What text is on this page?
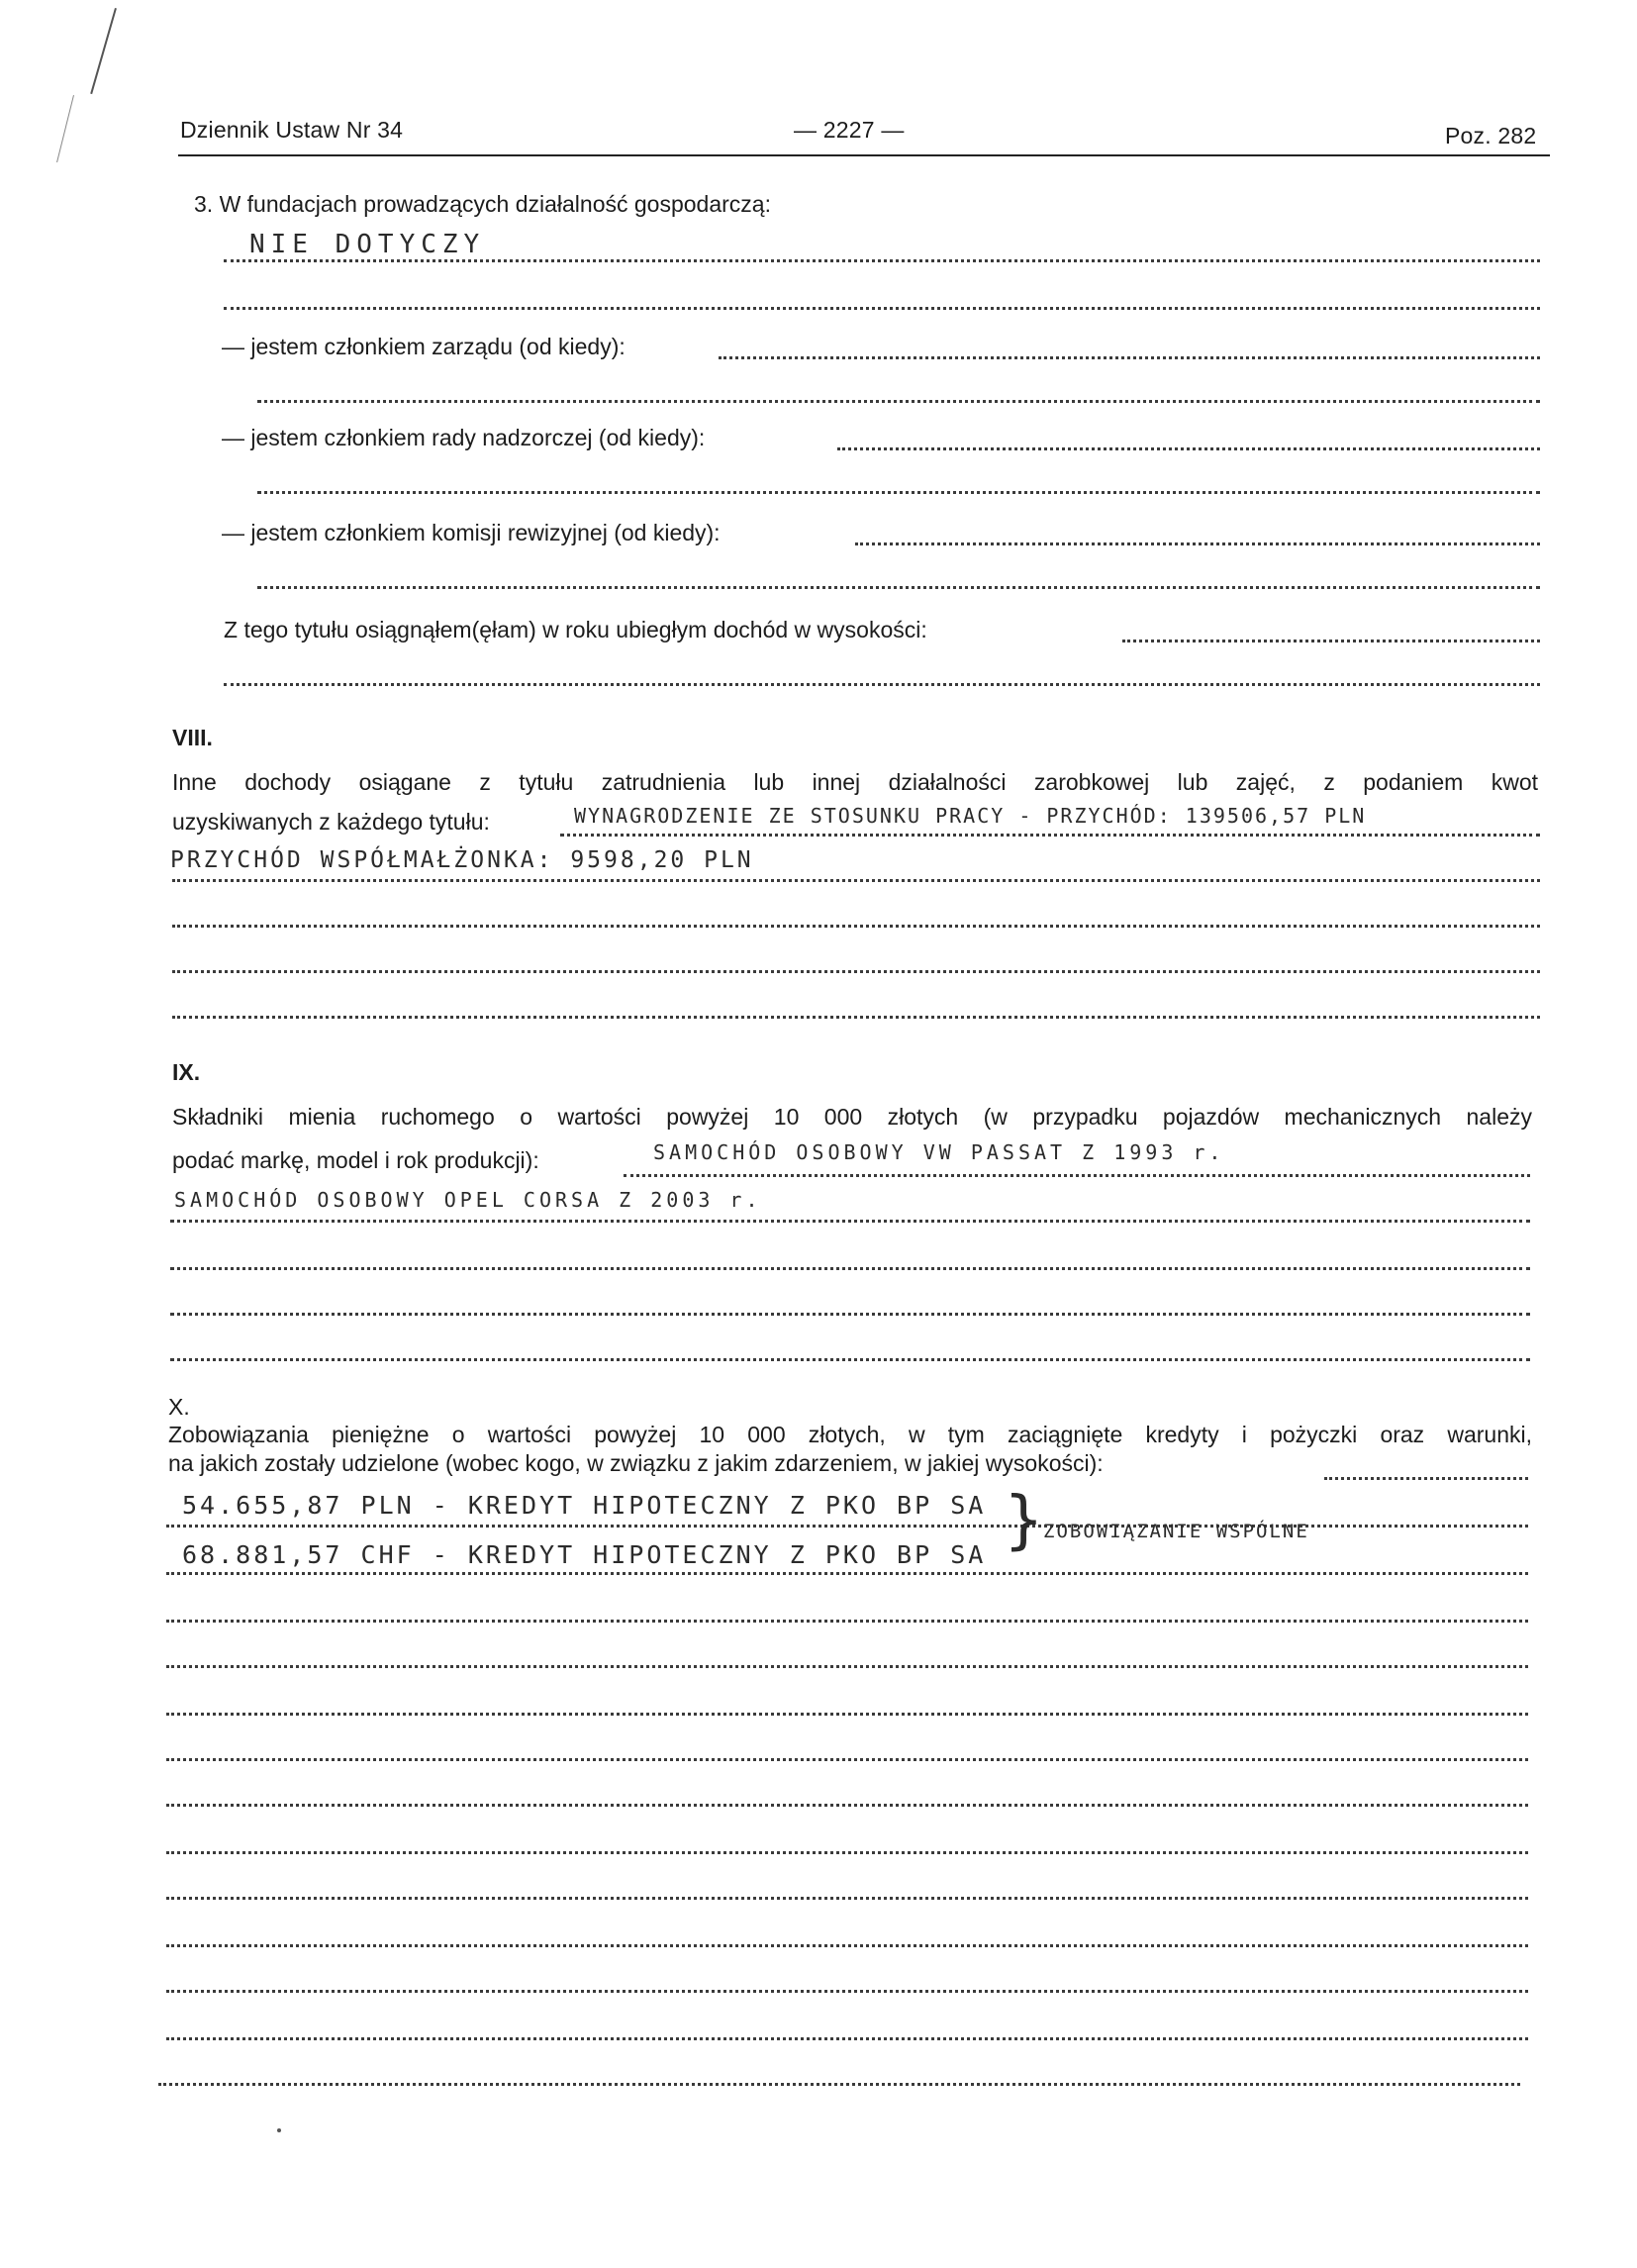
Dziennik Ustaw Nr 34	— 2227 —	Poz. 282
3. W fundacjach prowadzących działalność gospodarczą:
NIE DOTYCZY
— jestem członkiem zarządu (od kiedy):
— jestem członkiem rady nadzorczej (od kiedy):
— jestem członkiem komisji rewizyjnej (od kiedy):
Z tego tytułu osiągnąłem(ęłam) w roku ubiegłym dochód w wysokości:
VIII.
Inne dochody osiągane z tytułu zatrudnienia lub innej działalności zarobkowej lub zajęć, z podaniem kwot
uzyskiwanych z każdego tytułu:	WYNAGRODZENIE ZE STOSUNKU PRACY - PRZYCHÓD: 139506,57 PLN
PRZYCHÓD WSPÓŁMAŁŻONKA: 9598,20 PLN
IX.
Składniki mienia ruchomego o wartości powyżej 10 000 złotych (w przypadku pojazdów mechanicznych należy
podać markę, model i rok produkcji):	SAMOCHÓD OSOBOWY VW PASSAT Z 1993 r.
SAMOCHÓD OSOBOWY OPEL CORSA Z 2003 r.
X.
Zobowiązania pieniężne o wartości powyżej 10 000 złotych, w tym zaciągnięte kredyty i pożyczki oraz warunki,
na jakich zostały udzielone (wobec kogo, w związku z jakim zdarzeniem, w jakiej wysokości):
54.655,87 PLN - KREDYT HIPOTECZNY Z PKO BP SA
68.881,57 CHF - KREDYT HIPOTECZNY Z PKO BP SA } ZOBOWIĄZANIE WSPÓLNE
